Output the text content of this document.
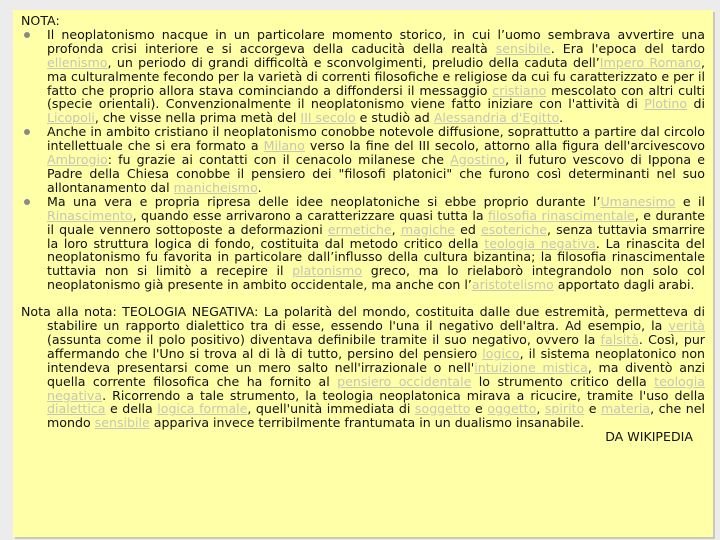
NOTA:

Il neoplatonismo nacque in un particolare momento storico, in cui l’uomo sembrava avvertire una profonda crisi interiore e si accorgeva della caducità della realtà sensibile. Era l'epoca del tardo ellenismo, un periodo di grandi difficoltà e sconvolgimenti, preludio della caduta dell’Impero Romano, ma culturalmente fecondo per la varietà di correnti filosofiche e religiose da cui fu caratterizzato e per il fatto che proprio allora stava cominciando a diffondersi il messaggio cristiano mescolato con altri culti (specie orientali). Convenzionalmente il neoplatonismo viene fatto iniziare con l'attività di Plotino di Licopoli, che visse nella prima metà del III secolo e studiò ad Alessandria d'Egitto.
Anche in ambito cristiano il neoplatonismo conobbe notevole diffusione, soprattutto a partire dal circolo intellettuale che si era formato a Milano verso la fine del III secolo, attorno alla figura dell'arcivescovo Ambrogio: fu grazie ai contatti con il cenacolo milanese che Agostino, il futuro vescovo di Ippona e Padre della Chiesa conobbe il pensiero dei "filosofi platonici" che furono così determinanti nel suo allontanamento dal manicheismo.
Ma una vera e propria ripresa delle idee neoplatoniche si ebbe proprio durante l’Umanesimo e il Rinascimento, quando esse arrivarono a caratterizzare quasi tutta la filosofia rinascimentale, e durante il quale vennero sottoposte a deformazioni ermetiche, magiche ed esoteriche, senza tuttavia smarrire la loro struttura logica di fondo, costituita dal metodo critico della teologia negativa. La rinascita del neoplatonismo fu favorita in particolare dall’influsso della cultura bizantina; la filosofia rinascimentale tuttavia non si limitò a recepire il platonismo greco, ma lo rielaborò integrandolo non solo col neoplatonismo già presente in ambito occidentale, ma anche con l’aristotelismo apportato dagli arabi.

Nota alla nota: TEOLOGIA NEGATIVA: La polarità del mondo, costituita dalle due estremità, permetteva di stabilire un rapporto dialettico tra di esse, essendo l'una il negativo dell'altra. Ad esempio, la verità (assunta come il polo positivo) diventava definibile tramite il suo negativo, ovvero la falsità. Così, pur affermando che l'Uno si trova al di là di tutto, persino del pensiero logico, il sistema neoplatonico non intendeva presentarsi come un mero salto nell'irrazionale o nell'intuizione mistica, ma diventò anzi quella corrente filosofica che ha fornito al pensiero occidentale lo strumento critico della teologia negativa. Ricorrendo a tale strumento, la teologia neoplatonica mirava a ricucire, tramite l'uso della dialettica e della logica formale, quell'unità immediata di soggetto e oggetto, spirito e materia, che nel mondo sensibile appariva invece terribilmente frantumata in un dualismo insanabile.

DA WIKIPEDIA
